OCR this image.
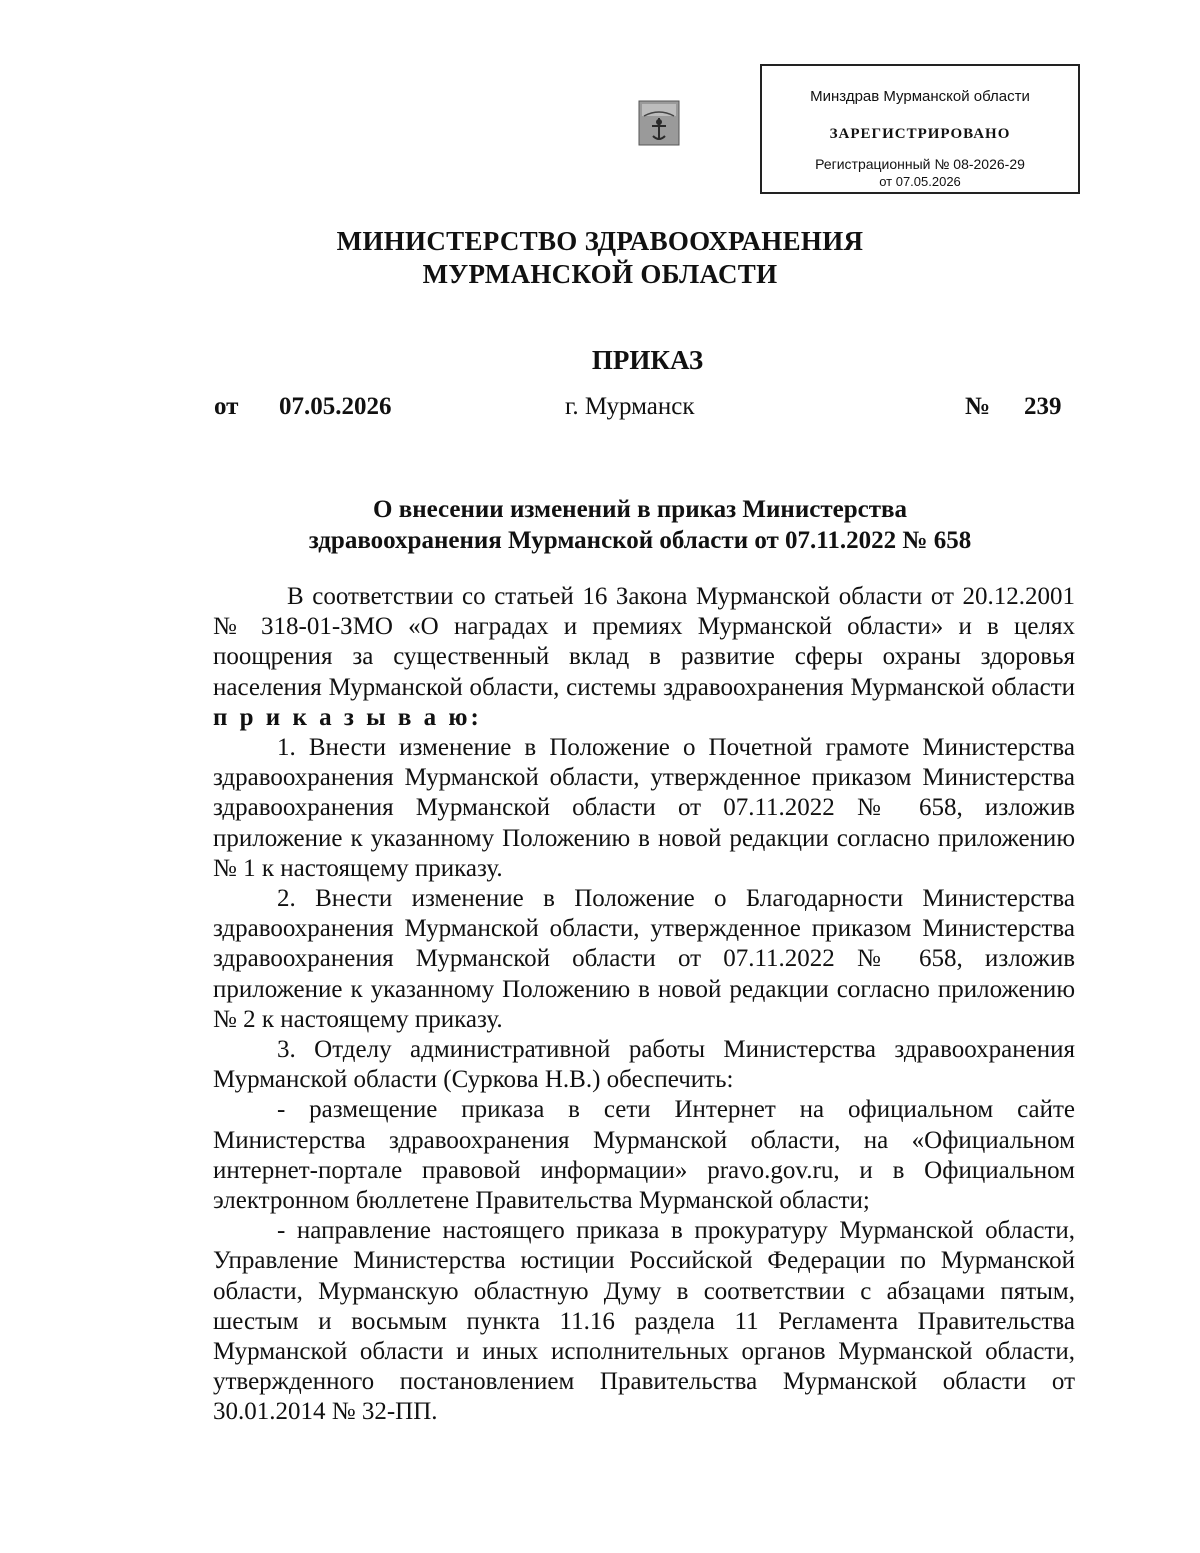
Минздрав Мурманской области
ЗАРЕГИСТРИРОВАНО
Регистрационный № 08-2026-29
от 07.05.2026
МИНИСТЕРСТВО ЗДРАВООХРАНЕНИЯ
МУРМАНСКОЙ ОБЛАСТИ
ПРИКАЗ
от 07.05.2026	г. Мурманск	№ 239
О внесении изменений в приказ Министерства
здравоохранения Мурманской области от 07.11.2022 № 658

В соответствии со статьей 16 Закона Мурманской области от 20.12.2001 № 318-01-ЗМО «О наградах и премиях Мурманской области» и в целях поощрения за существенный вклад в развитие сферы охраны здоровья населения Мурманской области, системы здравоохранения Мурманской области п р и к а з ы в а ю:

1. Внести изменение в Положение о Почетной грамоте Министерства здравоохранения Мурманской области, утвержденное приказом Министерства здравоохранения Мурманской области от 07.11.2022 № 658, изложив приложение к указанному Положению в новой редакции согласно приложению № 1 к настоящему приказу.

2. Внести изменение в Положение о Благодарности Министерства здравоохранения Мурманской области, утвержденное приказом Министерства здравоохранения Мурманской области от 07.11.2022 № 658, изложив приложение к указанному Положению в новой редакции согласно приложению № 2 к настоящему приказу.

3. Отделу административной работы Министерства здравоохранения Мурманской области (Суркова Н.В.) обеспечить:

- размещение приказа в сети Интернет на официальном сайте Министерства здравоохранения Мурманской области, на «Официальном интернет-портале правовой информации» pravo.gov.ru, и в Официальном электронном бюллетене Правительства Мурманской области;

- направление настоящего приказа в прокуратуру Мурманской области, Управление Министерства юстиции Российской Федерации по Мурманской области, Мурманскую областную Думу в соответствии с абзацами пятым, шестым и восьмым пункта 11.16 раздела 11 Регламента Правительства Мурманской области и иных исполнительных органов Мурманской области, утвержденного постановлением Правительства Мурманской области от 30.01.2014 № 32-ПП.
